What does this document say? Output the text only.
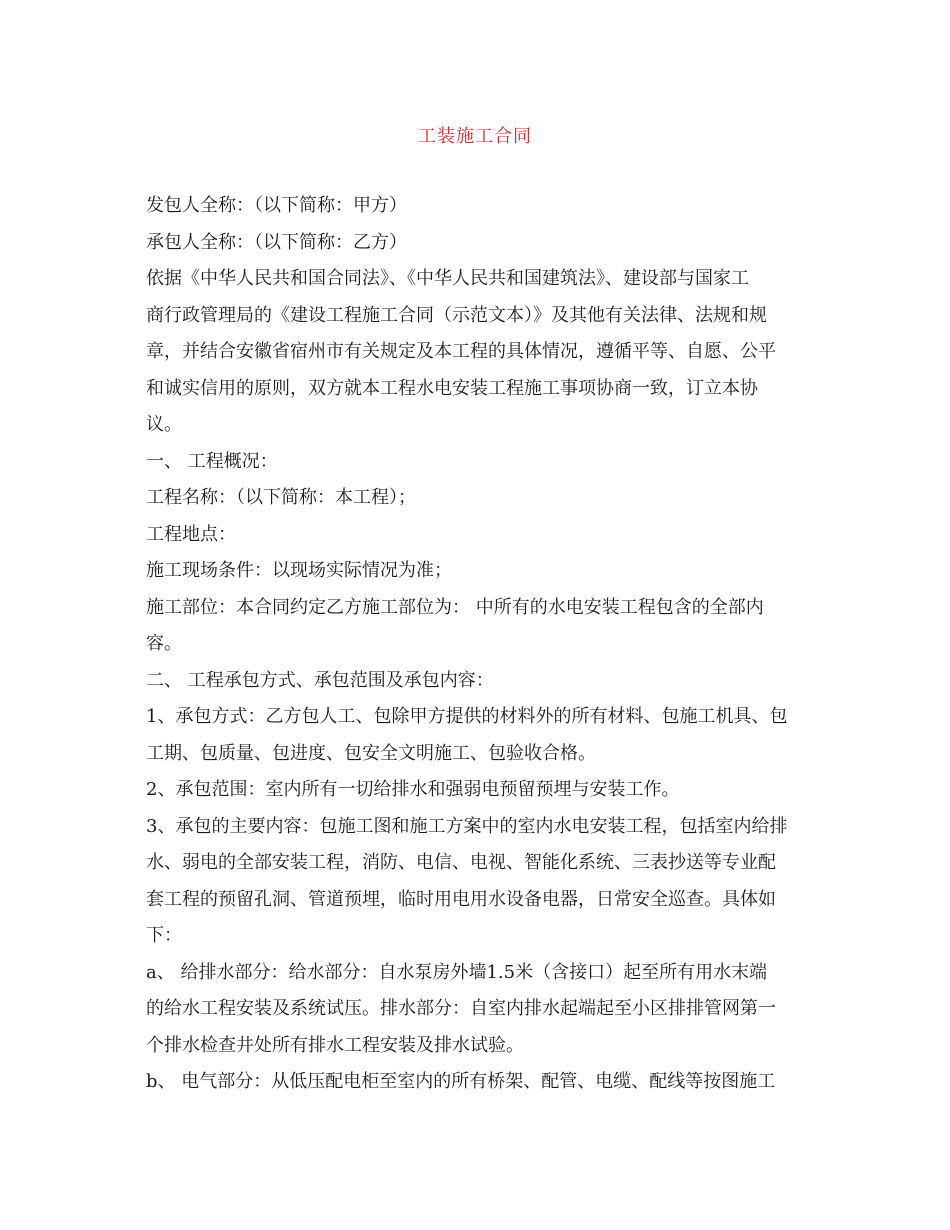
工装施工合同
发包人全称：（以下简称：甲方）
承包人全称：（以下简称：乙方）
依据《中华人民共和国合同法》、《中华人民共和国建筑法》、建设部与国家工
商行政管理局的《建设工程施工合同（示范文本）》及其他有关法律、法规和规
章，并结合安徽省宿州市有关规定及本工程的具体情况，遵循平等、自愿、公平
和诚实信用的原则，双方就本工程水电安装工程施工事项协商一致，订立本协
议。
一、 工程概况：
工程名称：（以下简称：本工程）；
工程地点：
施工现场条件：以现场实际情况为准；
施工部位：本合同约定乙方施工部位为： 中所有的水电安装工程包含的全部内
容。
二、 工程承包方式、承包范围及承包内容：
1、承包方式：乙方包人工、包除甲方提供的材料外的所有材料、包施工机具、包
工期、包质量、包进度、包安全文明施工、包验收合格。
2、承包范围：室内所有一切给排水和强弱电预留预埋与安装工作。
3、承包的主要内容：包施工图和施工方案中的室内水电安装工程，包括室内给排
水、弱电的全部安装工程，消防、电信、电视、智能化系统、三表抄送等专业配
套工程的预留孔洞、管道预埋，临时用电用水设备电器，日常安全巡查。具体如
下：
a、 给排水部分：给水部分：自水泵房外墙1.5米（含接口）起至所有用水末端
的给水工程安装及系统试压。排水部分：自室内排水起端起至小区排排管网第一
个排水检查井处所有排水工程安装及排水试验。
b、 电气部分：从低压配电柜至室内的所有桥架、配管、电缆、配线等按图施工
